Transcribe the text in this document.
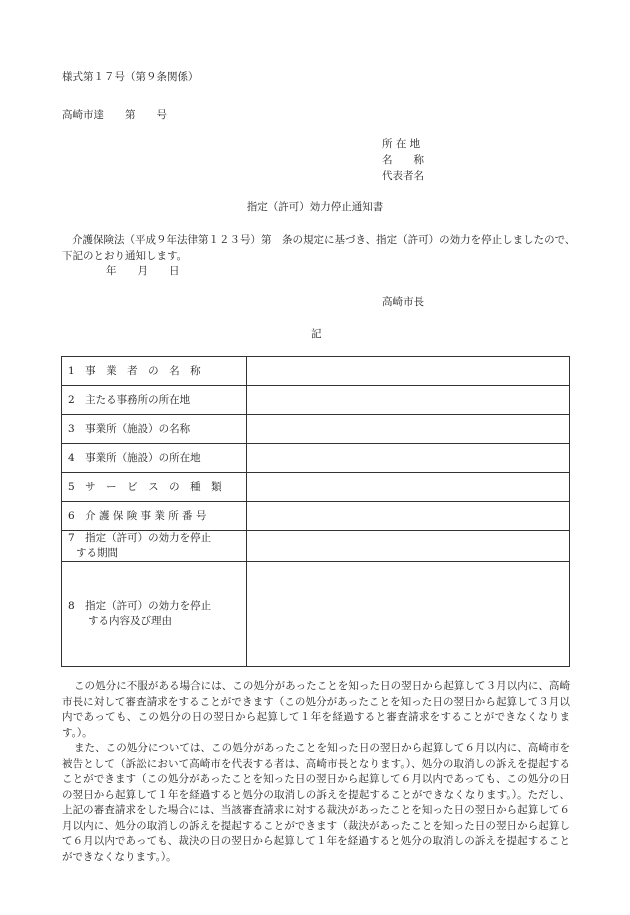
様式第１７号（第９条関係）
高崎市達　　第　　号
所 在 地
名　　称
代表者名
指定（許可）効力停止通知書

介護保険法（平成９年法律第１２３号）第　条の規定に基づき、指定（許可）の効力を停止しましたので、下記のとおり通知します。

年　　月　　日
高崎市長
記
1　事　業　者　の　名　称	

2　主たる事務所の所在地	

3　事業所（施設）の名称	

4　事業所（施設）の所在地	

5　サ　ー　ビ　ス　の　種　類	

6　介 護 保 険 事 業 所 番 号	

7　指定（許可）の効力を停止
する期間	

8　指定（許可）の効力を停止
する内容及び理由	

この処分に不服がある場合には、この処分があったことを知った日の翌日から起算して３月以内に、高崎市長に対して審査請求をすることができます（この処分があったことを知った日の翌日から起算して３月以内であっても、この処分の日の翌日から起算して１年を経過すると審査請求をすることができなくなります。）。

また、この処分については、この処分があったことを知った日の翌日から起算して６月以内に、高崎市を被告として（訴訟において高崎市を代表する者は、高崎市長となります。）、処分の取消しの訴えを提起することができます（この処分があったことを知った日の翌日から起算して６月以内であっても、この処分の日の翌日から起算して１年を経過すると処分の取消しの訴えを提起することができなくなります。）。ただし、上記の審査請求をした場合には、当該審査請求に対する裁決があったことを知った日の翌日から起算して６月以内に、処分の取消しの訴えを提起することができます（裁決があったことを知った日の翌日から起算して６月以内であっても、裁決の日の翌日から起算して１年を経過すると処分の取消しの訴えを提起することができなくなります。）。
